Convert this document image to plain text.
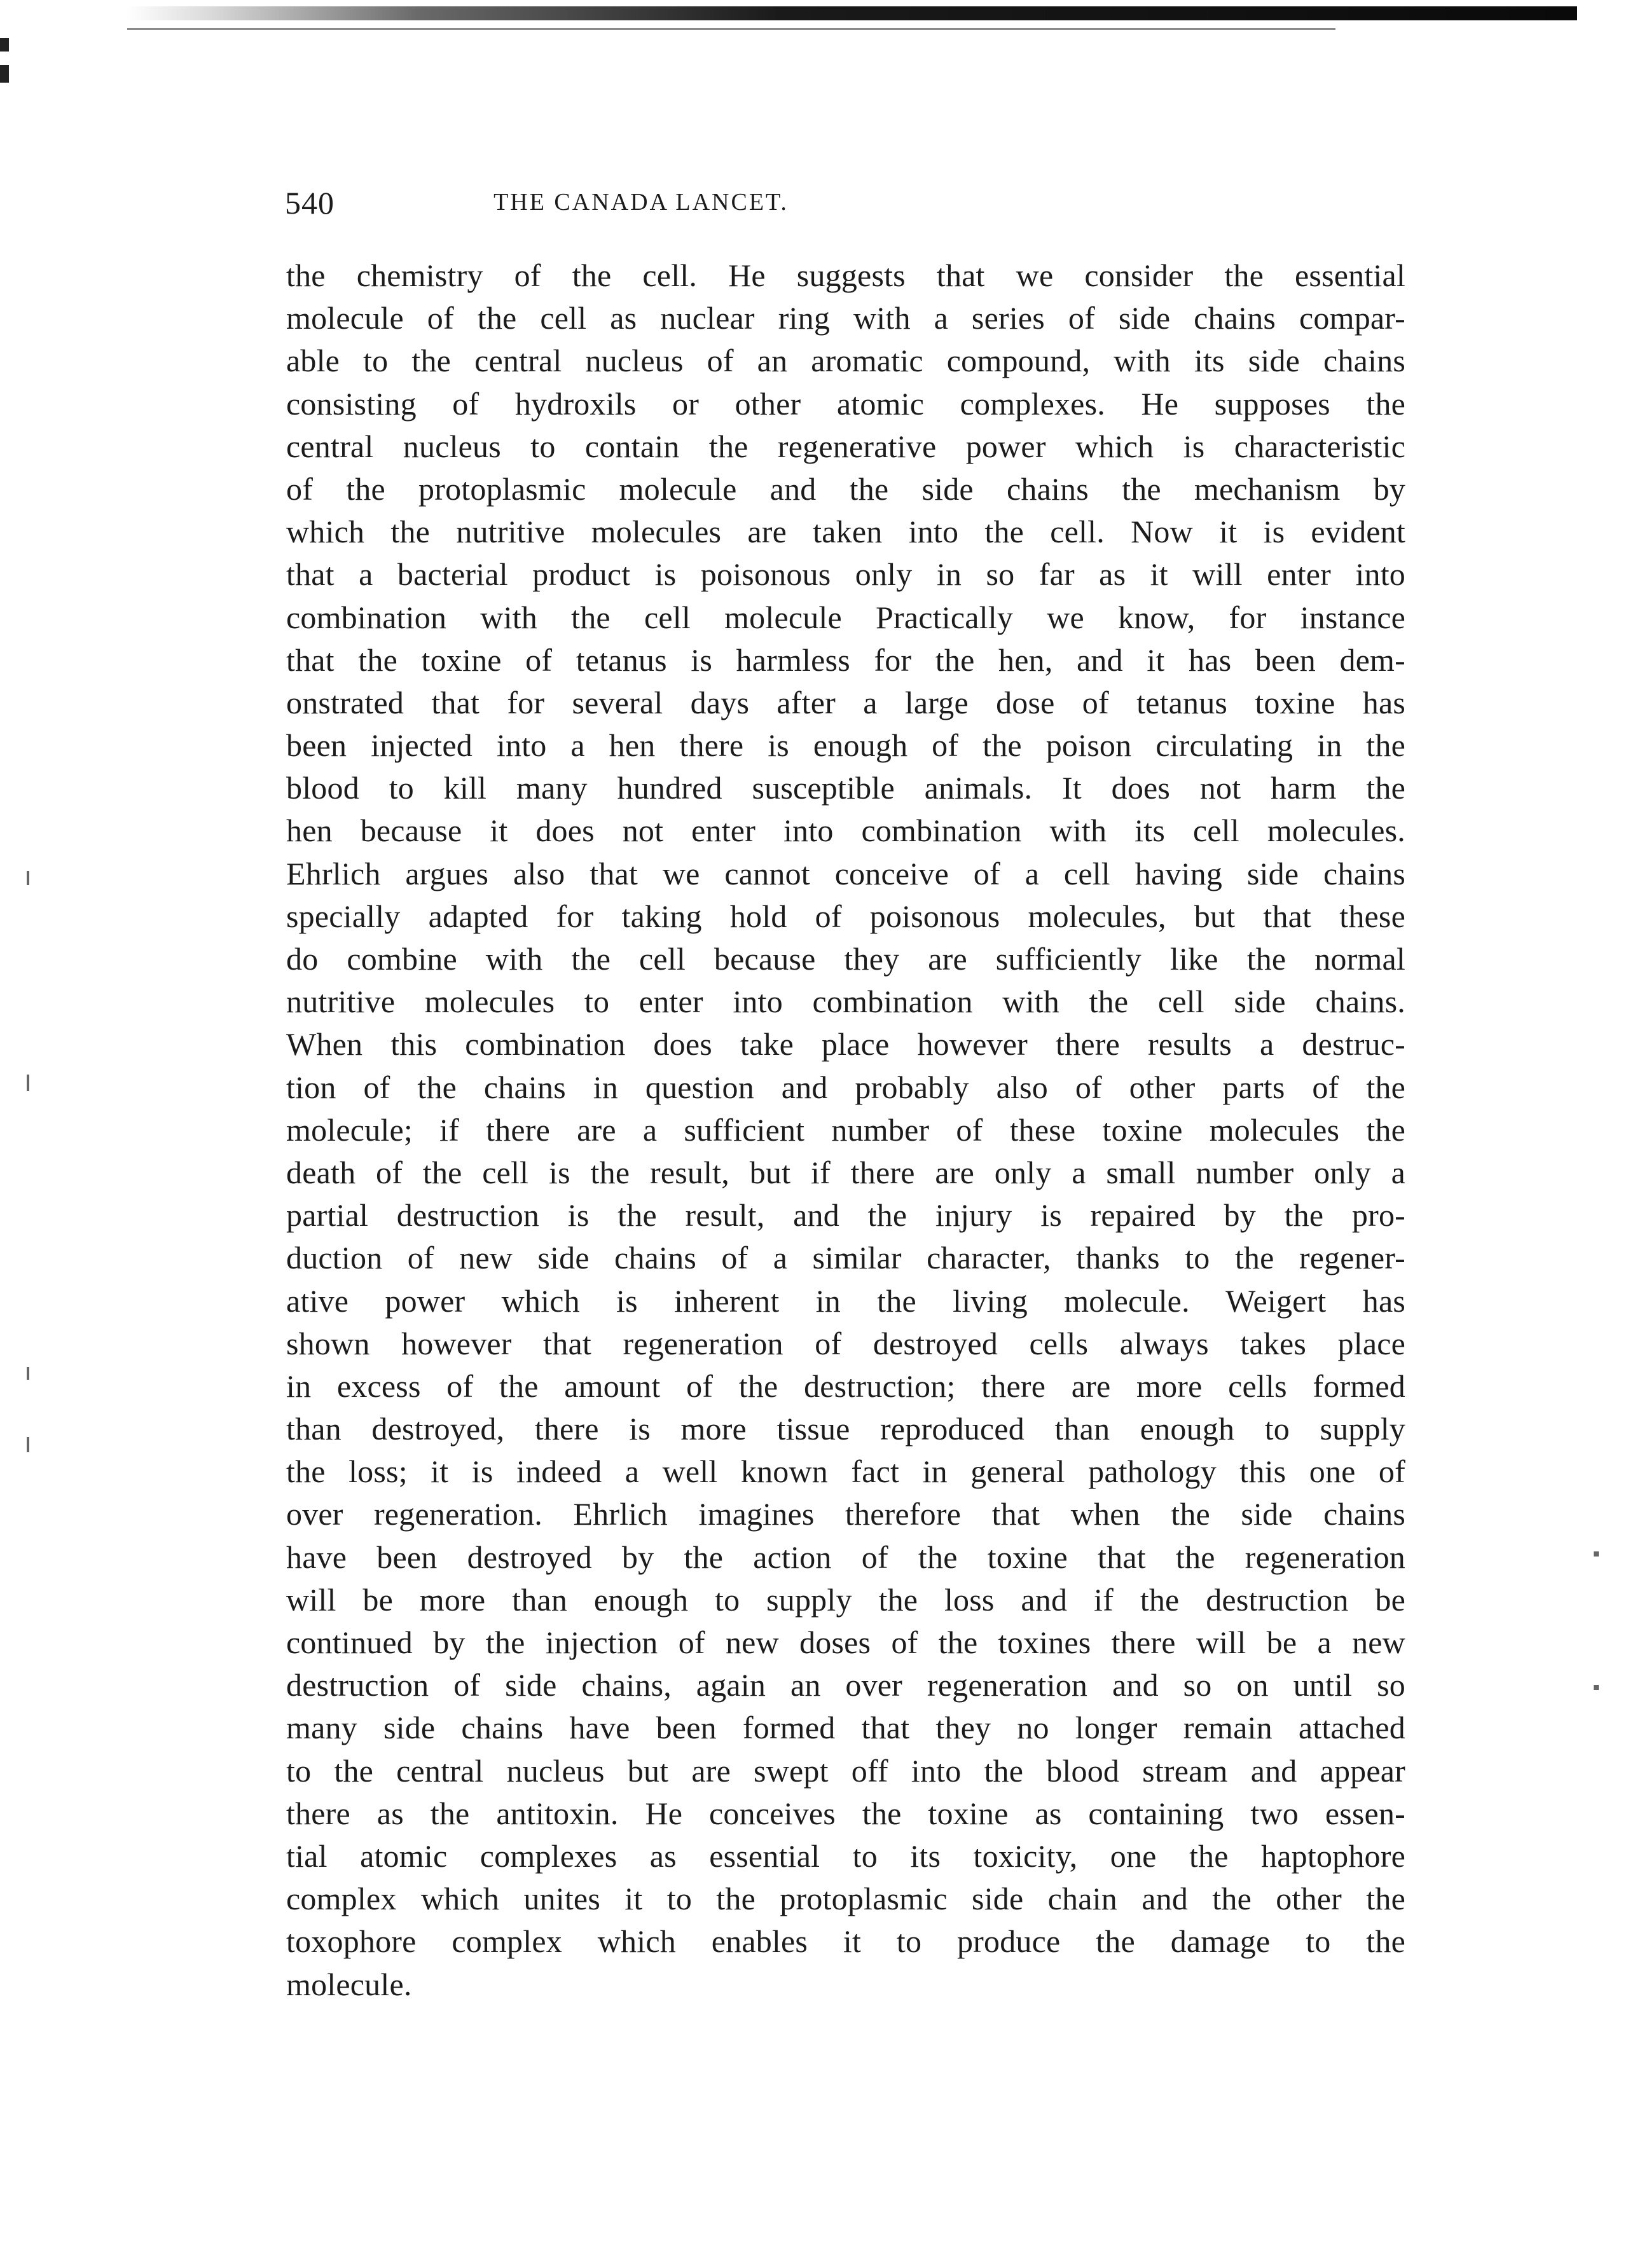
540	THE CANADA LANCET.
the chemistry of the cell. He suggests that we consider the essential
molecule of the cell as nuclear ring with a series of side chains compar-
able to the central nucleus of an aromatic compound, with its side chains
consisting of hydroxils or other atomic complexes. He supposes the
central nucleus to contain the regenerative power which is characteristic
of the protoplasmic molecule and the side chains the mechanism by
which the nutritive molecules are taken into the cell. Now it is evident
that a bacterial product is poisonous only in so far as it will enter into
combination with the cell molecule Practically we know, for instance
that the toxine of tetanus is harmless for the hen, and it has been dem-
onstrated that for several days after a large dose of tetanus toxine has
been injected into a hen there is enough of the poison circulating in the
blood to kill many hundred susceptible animals. It does not harm the
hen because it does not enter into combination with its cell molecules.
Ehrlich argues also that we cannot conceive of a cell having side chains
specially adapted for taking hold of poisonous molecules, but that these
do combine with the cell because they are sufficiently like the normal
nutritive molecules to enter into combination with the cell side chains.
When this combination does take place however there results a destruc-
tion of the chains in question and probably also of other parts of the
molecule; if there are a sufficient number of these toxine molecules the
death of the cell is the result, but if there are only a small number only a
partial destruction is the result, and the injury is repaired by the pro-
duction of new side chains of a similar character, thanks to the regener-
ative power which is inherent in the living molecule. Weigert has
shown however that regeneration of destroyed cells always takes place
in excess of the amount of the destruction; there are more cells formed
than destroyed, there is more tissue reproduced than enough to supply
the loss; it is indeed a well known fact in general pathology this one of
over regeneration. Ehrlich imagines therefore that when the side chains
have been destroyed by the action of the toxine that the regeneration
will be more than enough to supply the loss and if the destruction be
continued by the injection of new doses of the toxines there will be a new
destruction of side chains, again an over regeneration and so on until so
many side chains have been formed that they no longer remain attached
to the central nucleus but are swept off into the blood stream and appear
there as the antitoxin. He conceives the toxine as containing two essen-
tial atomic complexes as essential to its toxicity, one the haptophore
complex which unites it to the protoplasmic side chain and the other the
toxophore complex which enables it to produce the damage to the
molecule.
